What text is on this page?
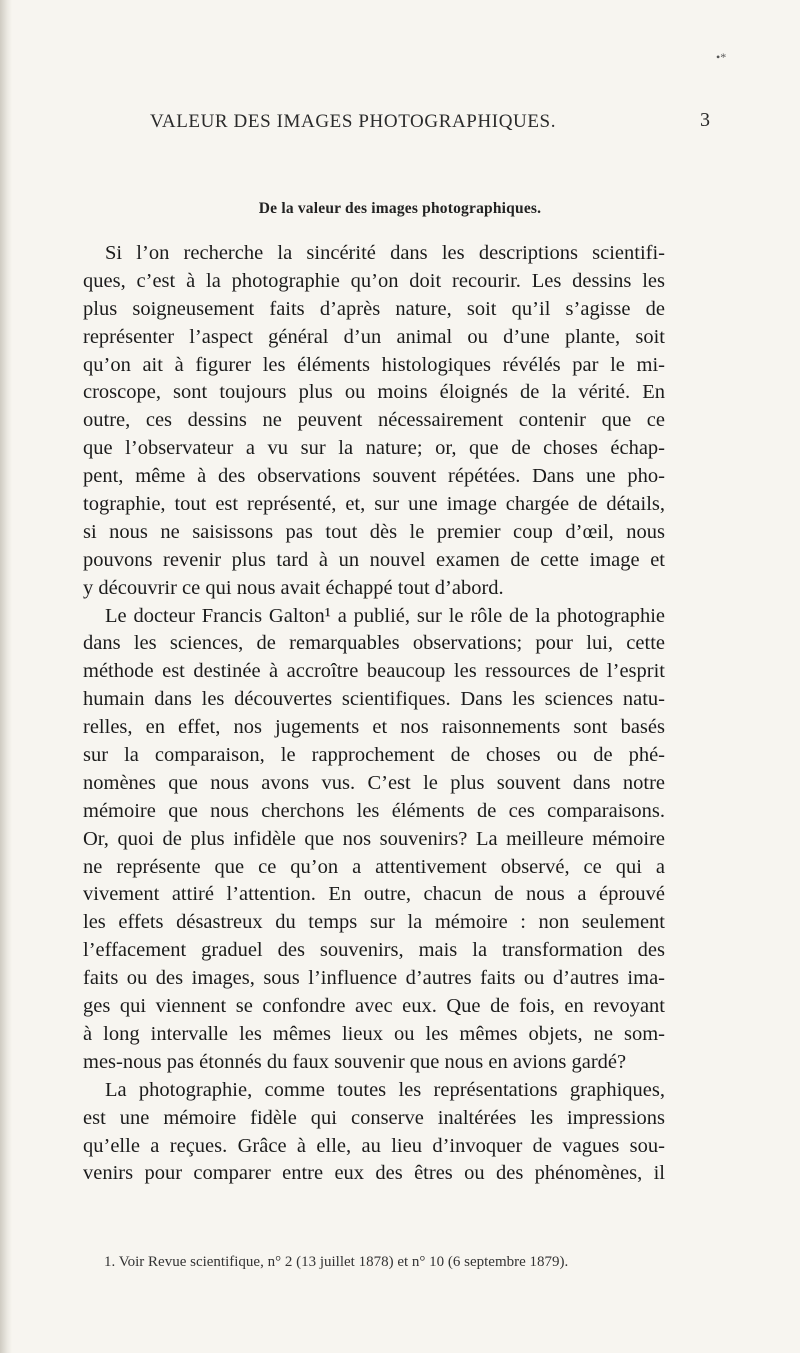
•*
VALEUR DES IMAGES PHOTOGRAPHIQUES.	3
De la valeur des images photographiques.
Si l’on recherche la sincérité dans les descriptions scientifi-
ques, c’est à la photographie qu’on doit recourir. Les dessins les
plus soigneusement faits d’après nature, soit qu’il s’agisse de
représenter l’aspect général d’un animal ou d’une plante, soit
qu’on ait à figurer les éléments histologiques révélés par le mi-
croscope, sont toujours plus ou moins éloignés de la vérité. En
outre, ces dessins ne peuvent nécessairement contenir que ce
que l’observateur a vu sur la nature; or, que de choses échap-
pent, même à des observations souvent répétées. Dans une pho-
tographie, tout est représenté, et, sur une image chargée de détails,
si nous ne saisissons pas tout dès le premier coup d’œil, nous
pouvons revenir plus tard à un nouvel examen de cette image et
y découvrir ce qui nous avait échappé tout d’abord.
Le docteur Francis Galton¹ a publié, sur le rôle de la photographie
dans les sciences, de remarquables observations; pour lui, cette
méthode est destinée à accroître beaucoup les ressources de l’esprit
humain dans les découvertes scientifiques. Dans les sciences natu-
relles, en effet, nos jugements et nos raisonnements sont basés
sur la comparaison, le rapprochement de choses ou de phé-
nomènes que nous avons vus. C’est le plus souvent dans notre
mémoire que nous cherchons les éléments de ces comparaisons.
Or, quoi de plus infidèle que nos souvenirs? La meilleure mémoire
ne représente que ce qu’on a attentivement observé, ce qui a
vivement attiré l’attention. En outre, chacun de nous a éprouvé
les effets désastreux du temps sur la mémoire : non seulement
l’effacement graduel des souvenirs, mais la transformation des
faits ou des images, sous l’influence d’autres faits ou d’autres ima-
ges qui viennent se confondre avec eux. Que de fois, en revoyant
à long intervalle les mêmes lieux ou les mêmes objets, ne som-
mes-nous pas étonnés du faux souvenir que nous en avions gardé?
La photographie, comme toutes les représentations graphiques,
est une mémoire fidèle qui conserve inaltérées les impressions
qu’elle a reçues. Grâce à elle, au lieu d’invoquer de vagues sou-
venirs pour comparer entre eux des êtres ou des phénomènes, il
1. Voir Revue scientifique, n° 2 (13 juillet 1878) et n° 10 (6 septembre 1879).
